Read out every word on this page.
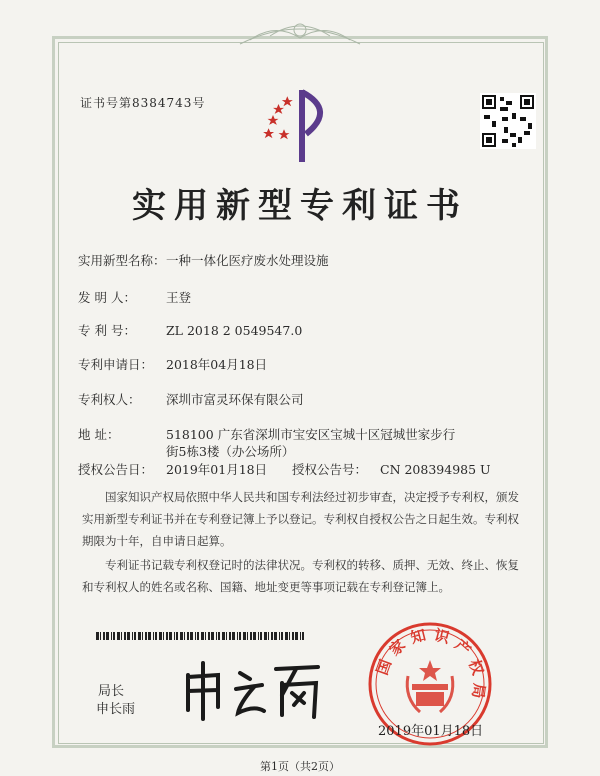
证书号第8384743号
实用新型专利证书
实用新型名称：一种一体化医疗废水处理设施
发 明 人： 王登
专 利 号： ZL 2018 2 0549547.0
专利申请日： 2018年04月18日
专利权人： 深圳市富灵环保有限公司
地 址：	518100 广东省深圳市宝安区宝城十区冠城世家步行街5栋3楼（办公场所）
授权公告日： 2019年01月18日 授权公告号： CN 208394985 U
国家知识产权局依照中华人民共和国专利法经过初步审查，决定授予专利权，颁发实用新型专利证书并在专利登记簿上予以登记。专利权自授权公告之日起生效。专利权期限为十年，自申请日起算。
专利证书记载专利权登记时的法律状况。专利权的转移、质押、无效、终止、恢复和专利权人的姓名或名称、国籍、地址变更等事项记载在专利登记簿上。
局长
申长雨
国
家 知 识 产
权
局
2019年01月18日
第1页（共2页）
